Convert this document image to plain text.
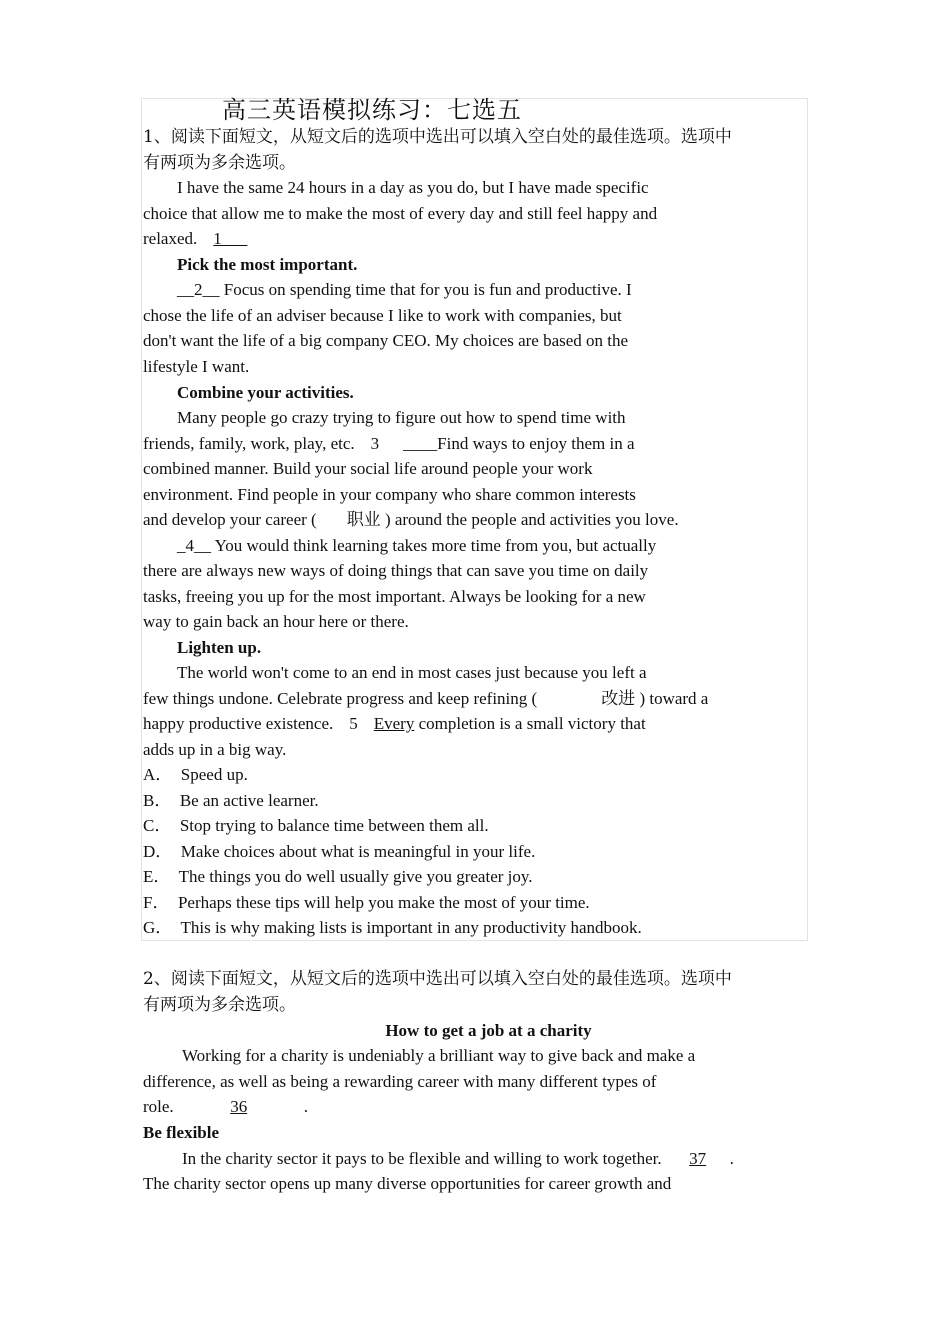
高三英语模拟练习：七选五
1、阅读下面短文，从短文后的选项中选出可以填入空白处的最佳选项。选项中
有两项为多余选项。
I have the same 24 hours in a day as you do, but I have made specific
choice that allow me to make the most of every day and still feel happy and
relaxed. 1___
Pick the most important.
__2__ Focus on spending time that for you is fun and productive. I
chose the life of an adviser because I like to work with companies, but
don't want the life of a big company CEO. My choices are based on the
lifestyle I want.
Combine your activities.
Many people go crazy trying to figure out how to spend time with
friends, family, work, play, etc. 3 ____Find ways to enjoy them in a
combined manner. Build your social life around people your work
environment. Find people in your company who share common interests
and develop your career ( 职业 ) around the people and activities you love.
_4__ You would think learning takes more time from you, but actually
there are always new ways of doing things that can save you time on daily
tasks, freeing you up for the most important. Always be looking for a new
way to gain back an hour here or there.
Lighten up.
The world won't come to an end in most cases just because you left a
few things undone. Celebrate progress and keep refining (	改进 ) toward a
happy productive existence. 5 Every completion is a small victory that
adds up in a big way.
A．  Speed up.
B．  Be an active learner.
C．  Stop trying to balance time between them all.
D．  Make choices about what is meaningful in your life.
E．  The things you do well usually give you greater joy.
F．  Perhaps these tips will help you make the most of your time.
G．  This is why making lists is important in any productivity handbook.
2、阅读下面短文，从短文后的选项中选出可以填入空白处的最佳选项。选项中
有两项为多余选项。
How to get a job at a charity
Working for a charity is undeniably a brilliant way to give back and make a
difference, as well as being a rewarding career with many different types of
role.	36	.
Be flexible
In the charity sector it pays to be flexible and willing to work together. 37 .
The charity sector opens up many diverse opportunities for career growth and
